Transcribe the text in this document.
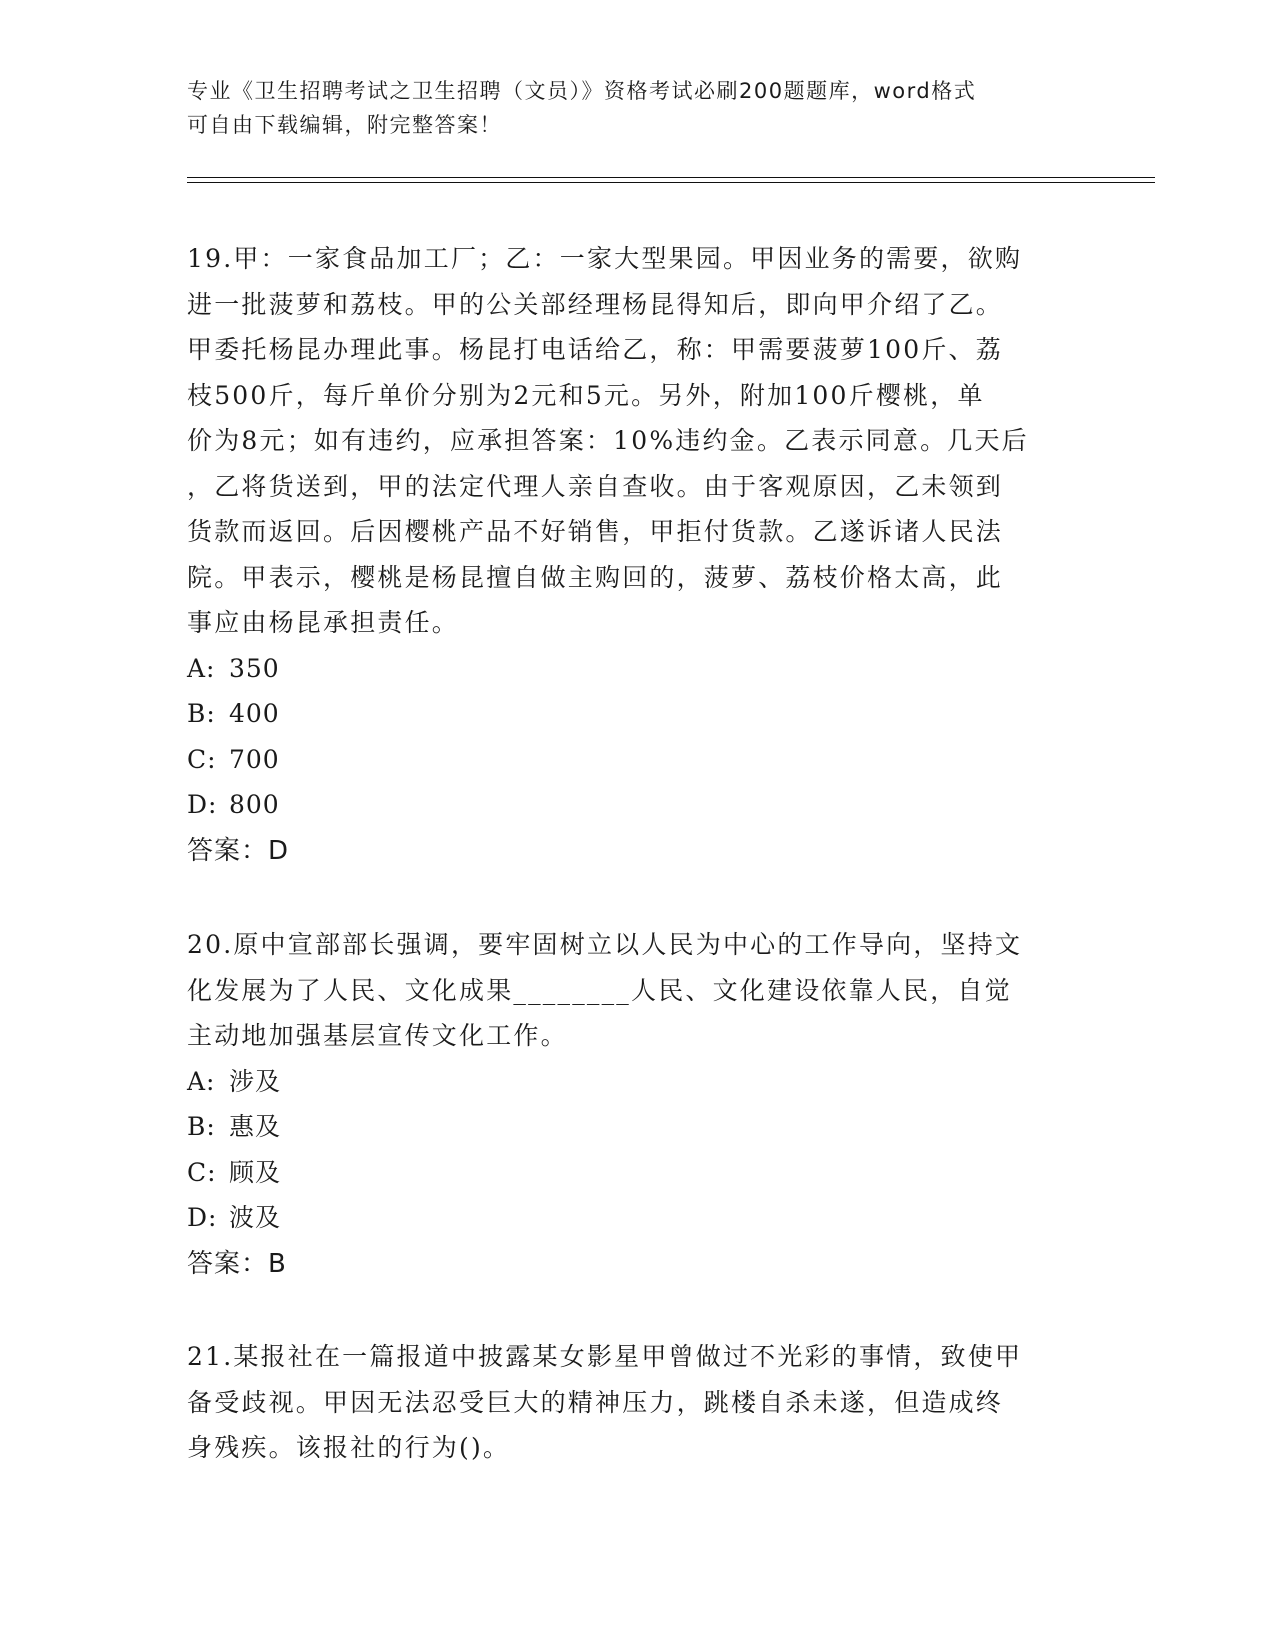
专业《卫生招聘考试之卫生招聘（文员）》资格考试必刷200题题库，word格式
可自由下载编辑，附完整答案！
19.甲：一家食品加工厂；乙：一家大型果园。甲因业务的需要，欲购
进一批菠萝和荔枝。甲的公关部经理杨昆得知后，即向甲介绍了乙。
甲委托杨昆办理此事。杨昆打电话给乙，称：甲需要菠萝100斤、荔
枝500斤，每斤单价分别为2元和5元。另外，附加100斤樱桃，单
价为8元；如有违约，应承担答案：10%违约金。乙表示同意。几天后
，乙将货送到，甲的法定代理人亲自查收。由于客观原因，乙未领到
货款而返回。后因樱桃产品不好销售，甲拒付货款。乙遂诉诸人民法
院。甲表示，樱桃是杨昆擅自做主购回的，菠萝、荔枝价格太高，此
事应由杨昆承担责任。
A: 350
B: 400
C: 700
D: 800
答案：D
20.原中宣部部长强调，要牢固树立以人民为中心的工作导向，坚持文
化发展为了人民、文化成果________人民、文化建设依靠人民，自觉
主动地加强基层宣传文化工作。
A: 涉及
B: 惠及
C: 顾及
D: 波及
答案：B
21.某报社在一篇报道中披露某女影星甲曾做过不光彩的事情，致使甲
备受歧视。甲因无法忍受巨大的精神压力，跳楼自杀未遂，但造成终
身残疾。该报社的行为()。
